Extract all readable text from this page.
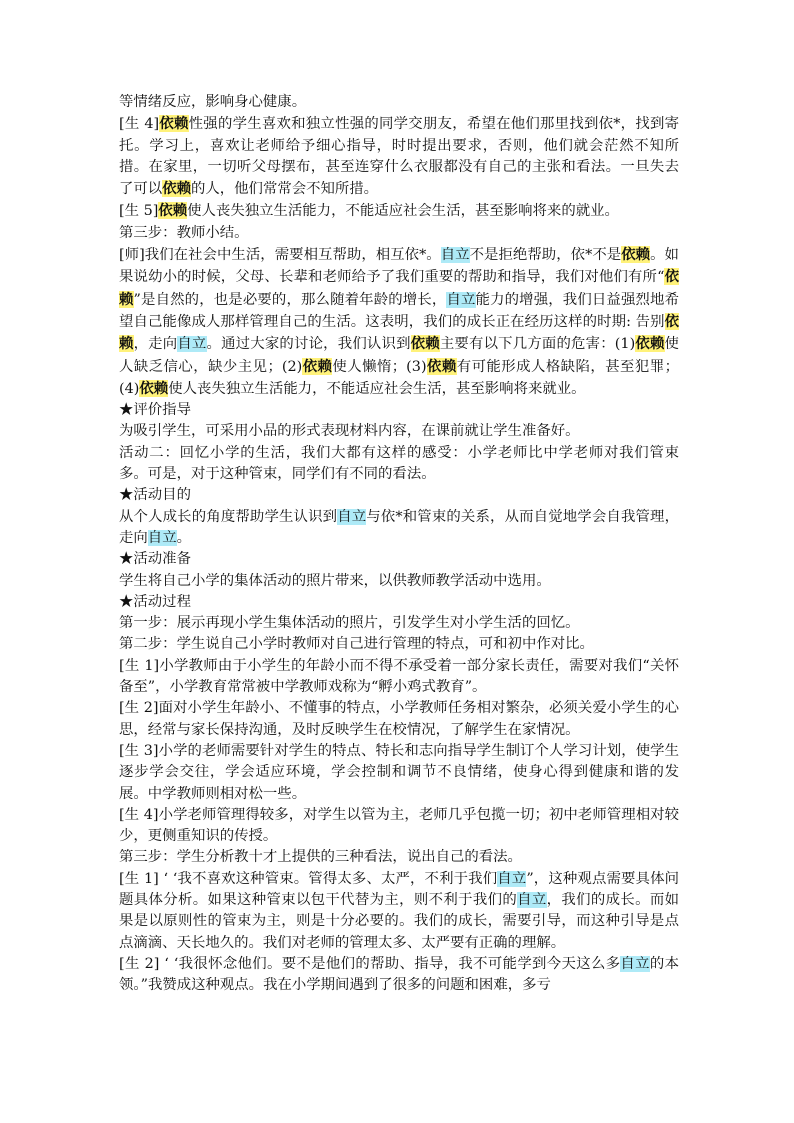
等情绪反应，影响身心健康。

[生 4]依赖性强的学生喜欢和独立性强的同学交朋友，希望在他们那里找到依*，找到寄托。学习上，喜欢让老师给予细心指导，时时提出要求，否则，他们就会茫然不知所措。在家里，一切听父母摆布，甚至连穿什么衣服都没有自己的主张和看法。一旦失去了可以依赖的人，他们常常会不知所措。

[生 5]依赖使人丧失独立生活能力，不能适应社会生活，甚至影响将来的就业。

第三步：教师小结。

[师]我们在社会中生活，需要相互帮助，相互依*。自立不是拒绝帮助，依*不是依赖。如果说幼小的时候，父母、长辈和老师给予了我们重要的帮助和指导，我们对他们有所“依赖”是自然的，也是必要的，那么随着年龄的增长，自立能力的增强，我们日益强烈地希望自己能像成人那样管理自己的生活。这表明，我们的成长正在经历这样的时期: 告别依赖，走向自立。通过大家的讨论，我们认识到依赖主要有以下几方面的危害：(1)依赖使人缺乏信心，缺少主见；(2)依赖使人懒惰；(3)依赖有可能形成人格缺陷，甚至犯罪；(4)依赖使人丧失独立生活能力，不能适应社会生活，甚至影响将来就业。

★评价指导

为吸引学生，可采用小品的形式表现材料内容，在课前就让学生准备好。

活动二：回忆小学的生活，我们大都有这样的感受：小学老师比中学老师对我们管束多。可是，对于这种管束，同学们有不同的看法。

★活动目的

从个人成长的角度帮助学生认识到自立与依*和管束的关系，从而自觉地学会自我管理，走向自立。

★活动准备

学生将自己小学的集体活动的照片带来，以供教师教学活动中选用。

★活动过程

第一步：展示再现小学生集体活动的照片，引发学生对小学生活的回忆。

第二步：学生说自己小学时教师对自己进行管理的特点，可和初中作对比。

[生 1]小学教师由于小学生的年龄小而不得不承受着一部分家长责任，需要对我们“关怀备至”，小学教育常常被中学教师戏称为“孵小鸡式教育”。

[生 2]面对小学生年龄小、不懂事的特点，小学教师任务相对繁杂，必须关爱小学生的心思，经常与家长保持沟通，及时反映学生在校情况，了解学生在家情况。

[生 3]小学的老师需要针对学生的特点、特长和志向指导学生制订个人学习计划，使学生逐步学会交往，学会适应环境，学会控制和调节不良情绪，使身心得到健康和谐的发展。中学教师则相对松一些。

[生 4]小学老师管理得较多，对学生以管为主，老师几乎包揽一切；初中老师管理相对较 少，更侧重知识的传授。

第三步：学生分析教十才上提供的三种看法，说出自己的看法。

[生 1] ‘ ‘我不喜欢这种管束。管得太多、太严，不利于我们自立”，这种观点需要具体问题具体分析。如果这种管束以包干代替为主，则不利于我们的自立，我们的成长。而如果是以原则性的管束为主，则是十分必要的。我们的成长，需要引导，而这种引导是点点滴滴、天长地久的。我们对老师的管理太多、太严要有正确的理解。

[生 2] ‘ ‘我很怀念他们。要不是他们的帮助、指导，我不可能学到今天这么多自立的本领。”我赞成这种观点。我在小学期间遇到了很多的问题和困难，多亏
